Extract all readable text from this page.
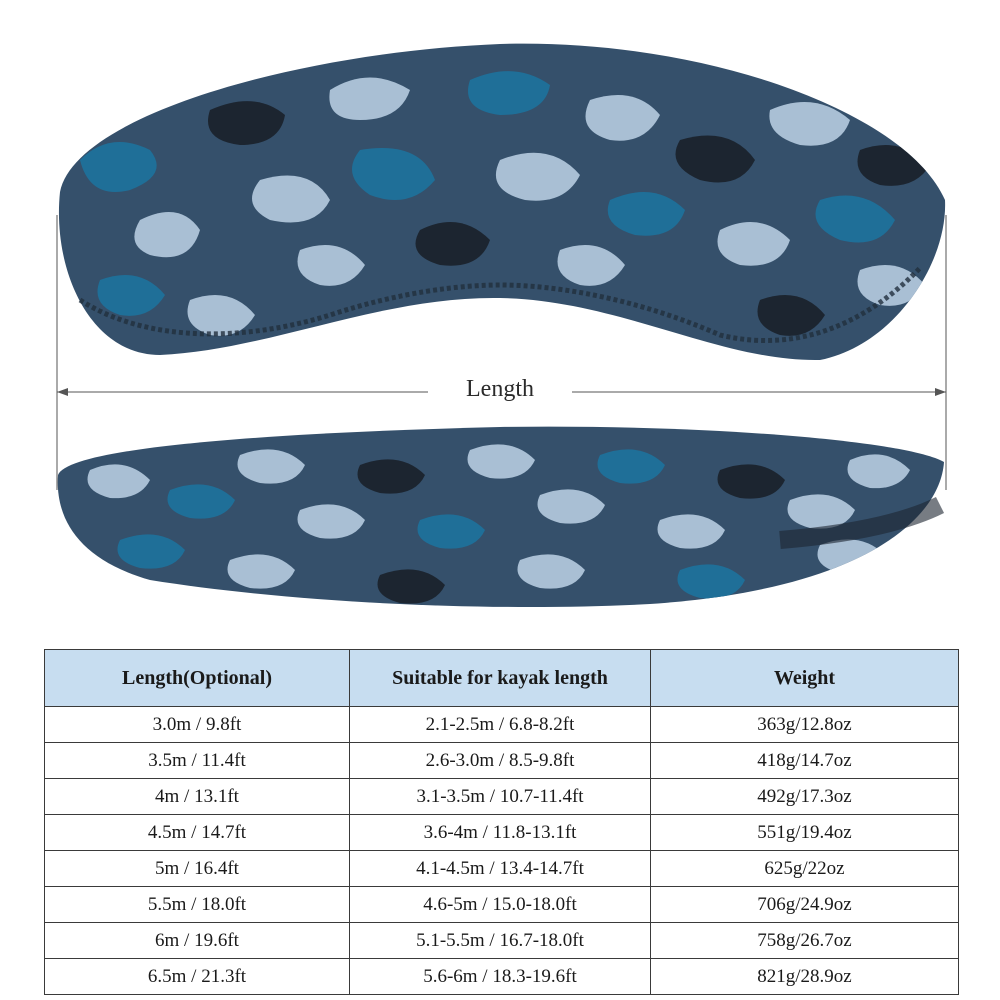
Length
Length(Optional)	Suitable for kayak length	Weight
3.0m / 9.8ft	2.1-2.5m / 6.8-8.2ft	363g/12.8oz
3.5m / 11.4ft	2.6-3.0m / 8.5-9.8ft	418g/14.7oz
4m / 13.1ft	3.1-3.5m / 10.7-11.4ft	492g/17.3oz
4.5m / 14.7ft	3.6-4m / 11.8-13.1ft	551g/19.4oz
5m / 16.4ft	4.1-4.5m / 13.4-14.7ft	625g/22oz
5.5m / 18.0ft	4.6-5m / 15.0-18.0ft	706g/24.9oz
6m / 19.6ft	5.1-5.5m / 16.7-18.0ft	758g/26.7oz
6.5m / 21.3ft	5.6-6m / 18.3-19.6ft	821g/28.9oz
